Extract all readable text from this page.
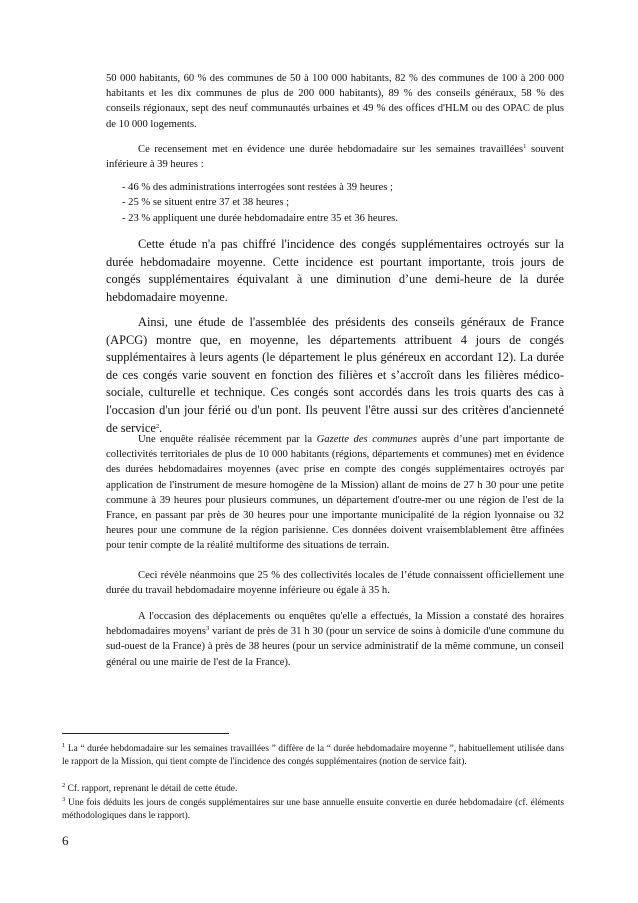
50 000 habitants, 60 % des communes de 50 à 100 000 habitants, 82 % des communes de 100 à 200 000 habitants et les dix communes de plus de 200 000 habitants), 89 % des conseils généraux, 58 % des conseils régionaux, sept des neuf communautés urbaines et 49 % des offices d'HLM ou des OPAC de plus de 10 000 logements.
Ce recensement met en évidence une durée hebdomadaire sur les semaines travaillées$^1$ souvent inférieure à 39 heures :
- 46 % des administrations interrogées sont restées à 39 heures ;
- 25 % se situent entre 37 et 38 heures ;
- 23 % appliquent une durée hebdomadaire entre 35 et 36 heures.
Cette étude n'a pas chiffré l'incidence des congés supplémentaires octroyés sur la durée hebdomadaire moyenne. Cette incidence est pourtant importante, trois jours de congés supplémentaires équivalant à une diminution d’une demi-heure de la durée hebdomadaire moyenne.
Ainsi, une étude de l'assemblée des présidents des conseils généraux de France (APCG) montre que, en moyenne, les départements attribuent 4 jours de congés supplémentaires à leurs agents (le département le plus généreux en accordant 12). La durée de ces congés varie souvent en fonction des filières et s’accroît dans les filières médico-sociale, culturelle et technique. Ces congés sont accordés dans les trois quarts des cas à l'occasion d'un jour férié ou d'un pont. Ils peuvent l'être aussi sur des critères d'ancienneté de service$^2$.
Une enquête réalisée récemment par la Gazette des communes auprès d’une part importante de collectivités territoriales de plus de 10 000 habitants (régions, départements et communes) met en évidence des durées hebdomadaires moyennes (avec prise en compte des congés supplémentaires octroyés par application de l'instrument de mesure homogène de la Mission) allant de moins de 27 h 30 pour une petite commune à 39 heures pour plusieurs communes, un département d'outre-mer ou une région de l'est de la France, en passant par près de 30 heures pour une importante municipalité de la région lyonnaise ou 32 heures pour une commune de la région parisienne. Ces données doivent vraisemblablement être affinées pour tenir compte de la réalité multiforme des situations de terrain.
Ceci révèle néanmoins que 25 % des collectivités locales de l’étude connaissent officiellement une durée du travail hebdomadaire moyenne inférieure ou égale à 35 h.
A l'occasion des déplacements ou enquêtes qu'elle a effectués, la Mission a constaté des horaires hebdomadaires moyens$^3$ variant de près de 31 h 30 (pour un service de soins à domicile d'une commune du sud-ouest de la France) à près de 38 heures (pour un service administratif de la même commune, un conseil général ou une mairie de l'est de la France).
$^1$ La “ durée hebdomadaire sur les semaines travaillées ” diffère de la “ durée hebdomadaire moyenne ”, habituellement utilisée dans le rapport de la Mission, qui tient compte de l'incidence des congés supplémentaires (notion de service fait).
$^2$ Cf. rapport, reprenant le détail de cette étude.
$^3$ Une fois déduits les jours de congés supplémentaires sur une base annuelle ensuite convertie en durée hebdomadaire (cf. éléments méthodologiques dans le rapport).
6
